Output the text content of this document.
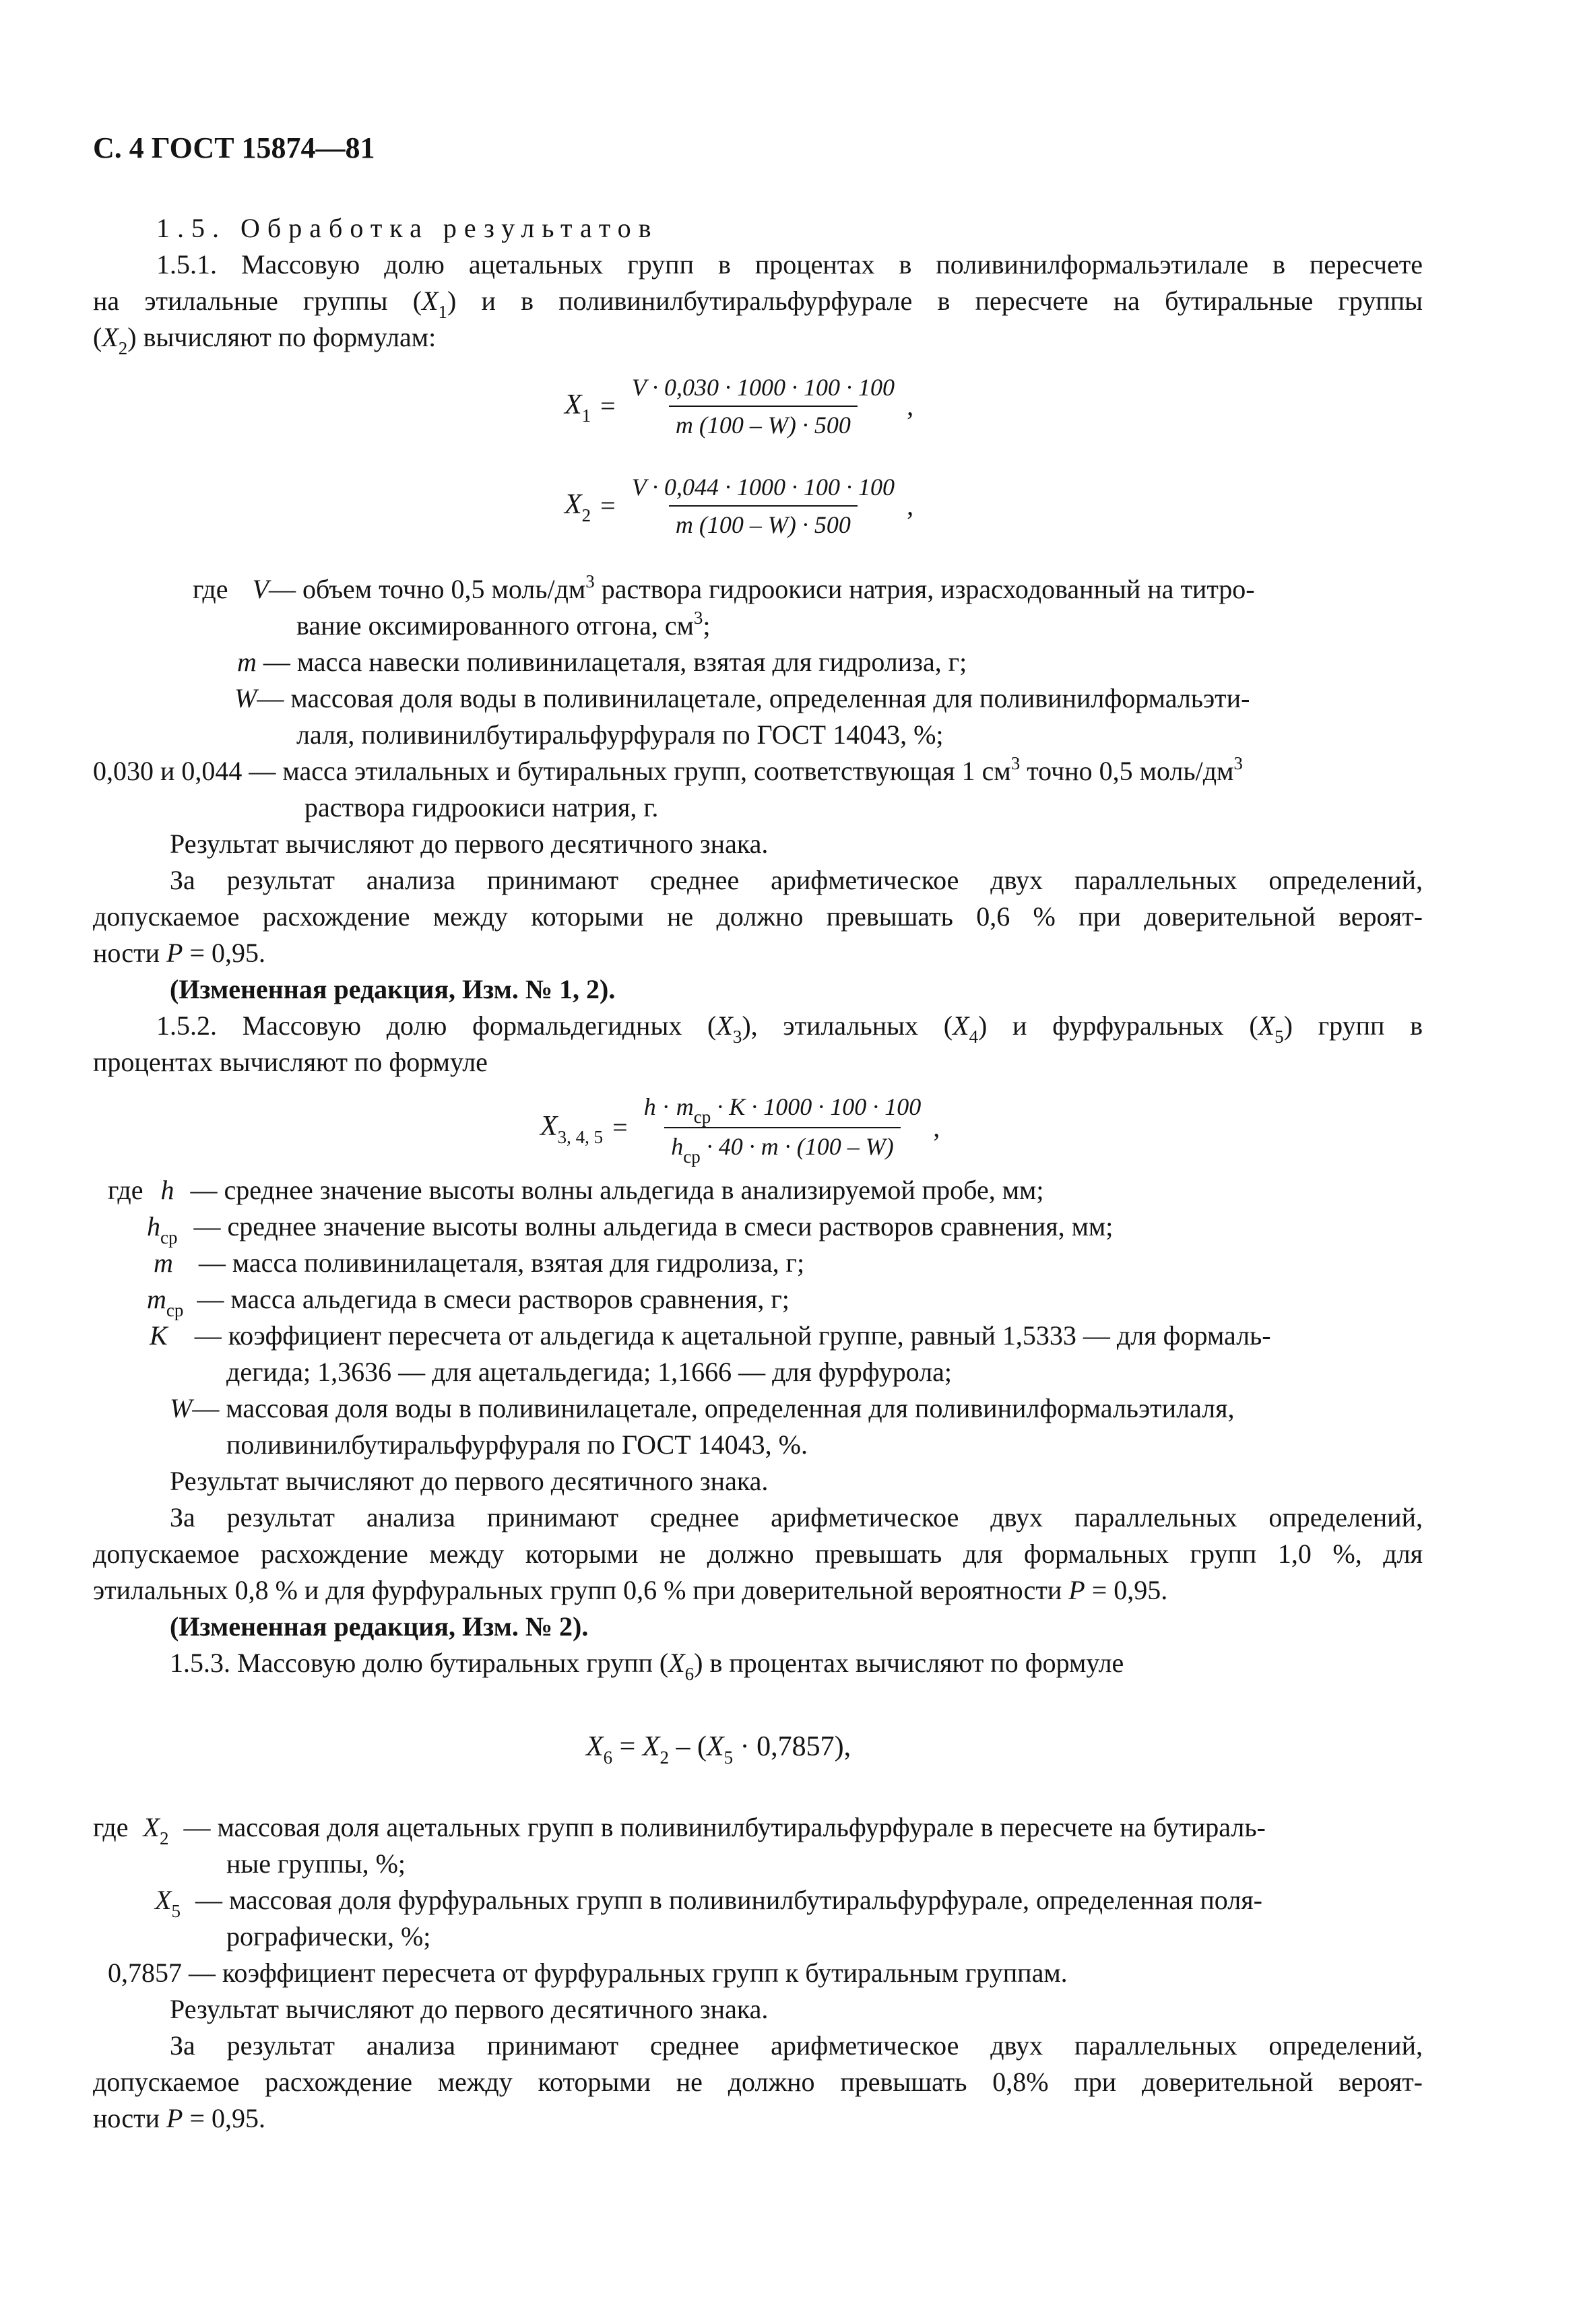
С. 4 ГОСТ 15874—81
1.5. Обработка результатов
1.5.1. Массовую долю ацетальных групп в процентах в поливинилформальэтилале в пересчете
на этилальные группы $(X_1)$ и в поливинилбутиральфурфурале в пересчете на бутиральные группы
$(X_2)$ вычисляют по формулам:
$X_1 = \frac{V \cdot 0,030 \cdot 1000 \cdot 100 \cdot 100}{m (100 - W) \cdot 500}$ ,
$X_2 = \frac{V \cdot 0,044 \cdot 1000 \cdot 100 \cdot 100}{m (100 - W) \cdot 500}$ ,
где V— объем точно 0,5 моль/$дм^3$ раствора гидроокиси натрия, израсходованный на титро-
вание оксимированного отгона, $см^3$;
m — масса навески поливинилацеталя, взятая для гидролиза, г;
W— массовая доля воды в поливинилацетале, определенная для поливинилформальэти-
лаля, поливинилбутиральфурфураля по ГОСТ 14043, %;
0,030 и 0,044 — масса этилальных и бутиральных групп, соответствующая 1 $см^3$ точно 0,5 моль/$дм^3$
раствора гидроокиси натрия, г.
Результат вычисляют до первого десятичного знака.
За результат анализа принимают среднее арифметическое двух параллельных определений,
допускаемое расхождение между которыми не должно превышать 0,6 % при доверительной вероят-
ности P = 0,95.
(Измененная редакция, Изм. № 1, 2).
1.5.2. Массовую долю формальдегидных $(X_3)$, этилальных $(X_4)$ и фурфуральных $(X_5)$ групп в
процентах вычисляют по формуле
$X_{3, 4, 5} = \frac{h \cdot m_{ср} \cdot K \cdot 1000 \cdot 100 \cdot 100}{h_{ср} \cdot 40 \cdot m \cdot (100 - W)}$ ,
где h — среднее значение высоты волны альдегида в анализируемой пробе, мм;
$h_{ср}$ — среднее значение высоты волны альдегида в смеси растворов сравнения, мм;
m — масса поливинилацеталя, взятая для гидролиза, г;
$m_{ср}$ — масса альдегида в смеси растворов сравнения, г;
K — коэффициент пересчета от альдегида к ацетальной группе, равный 1,5333 — для формаль-
дегида; 1,3636 — для ацетальдегида; 1,1666 — для фурфурола;
W— массовая доля воды в поливинилацетале, определенная для поливинилформальэтилаля,
поливинилбутиральфурфураля по ГОСТ 14043, %.
Результат вычисляют до первого десятичного знака.
За результат анализа принимают среднее арифметическое двух параллельных определений,
допускаемое расхождение между которыми не должно превышать для формальных групп 1,0 %, для
этилальных 0,8 % и для фурфуральных групп 0,6 % при доверительной вероятности P = 0,95.
(Измененная редакция, Изм. № 2).
1.5.3. Массовую долю бутиральных групп $(X_6)$ в процентах вычисляют по формуле
$X_6 = X_2 - (X_5 \cdot 0,7857)$,
где $X_2$ — массовая доля ацетальных групп в поливинилбутиральфурфурале в пересчете на бутираль-
ные группы, %;
$X_5$ — массовая доля фурфуральных групп в поливинилбутиральфурфурале, определенная поля-
рографически, %;
0,7857 — коэффициент пересчета от фурфуральных групп к бутиральным группам.
Результат вычисляют до первого десятичного знака.
За результат анализа принимают среднее арифметическое двух параллельных определений,
допускаемое расхождение между которыми не должно превышать 0,8% при доверительной вероят-
ности P = 0,95.
